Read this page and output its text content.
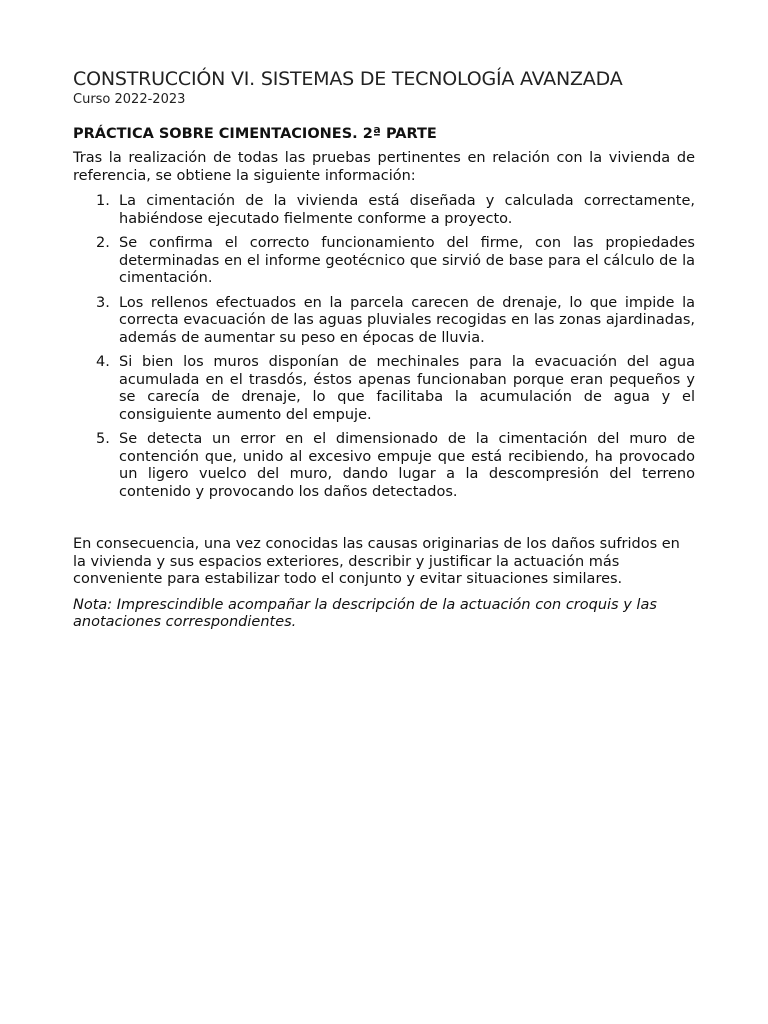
CONSTRUCCIÓN VI. SISTEMAS DE TECNOLOGÍA AVANZADA
Curso 2022-2023
PRÁCTICA SOBRE CIMENTACIONES. 2ª PARTE

Tras la realización de todas las pruebas pertinentes en relación con la vivienda de referencia, se obtiene la siguiente información:

1. La cimentación de la vivienda está diseñada y calculada correctamente, habiéndose ejecutado fielmente conforme a proyecto.
2. Se confirma el correcto funcionamiento del firme, con las propiedades determinadas en el informe geotécnico que sirvió de base para el cálculo de la cimentación.
3. Los rellenos efectuados en la parcela carecen de drenaje, lo que impide la correcta evacuación de las aguas pluviales recogidas en las zonas ajardinadas, además de aumentar su peso en épocas de lluvia.
4. Si bien los muros disponían de mechinales para la evacuación del agua acumulada en el trasdós, éstos apenas funcionaban porque eran pequeños y se carecía de drenaje, lo que facilitaba la acumulación de agua y el consiguiente aumento del empuje.
5. Se detecta un error en el dimensionado de la cimentación del muro de contención que, unido al excesivo empuje que está recibiendo, ha provocado un ligero vuelco del muro, dando lugar a la descompresión del terreno contenido y provocando los daños detectados.

En consecuencia, una vez conocidas las causas originarias de los daños sufridos en la vivienda y sus espacios exteriores, describir y justificar la actuación más conveniente para estabilizar todo el conjunto y evitar situaciones similares.

Nota: Imprescindible acompañar la descripción de la actuación con croquis y las anotaciones correspondientes.
